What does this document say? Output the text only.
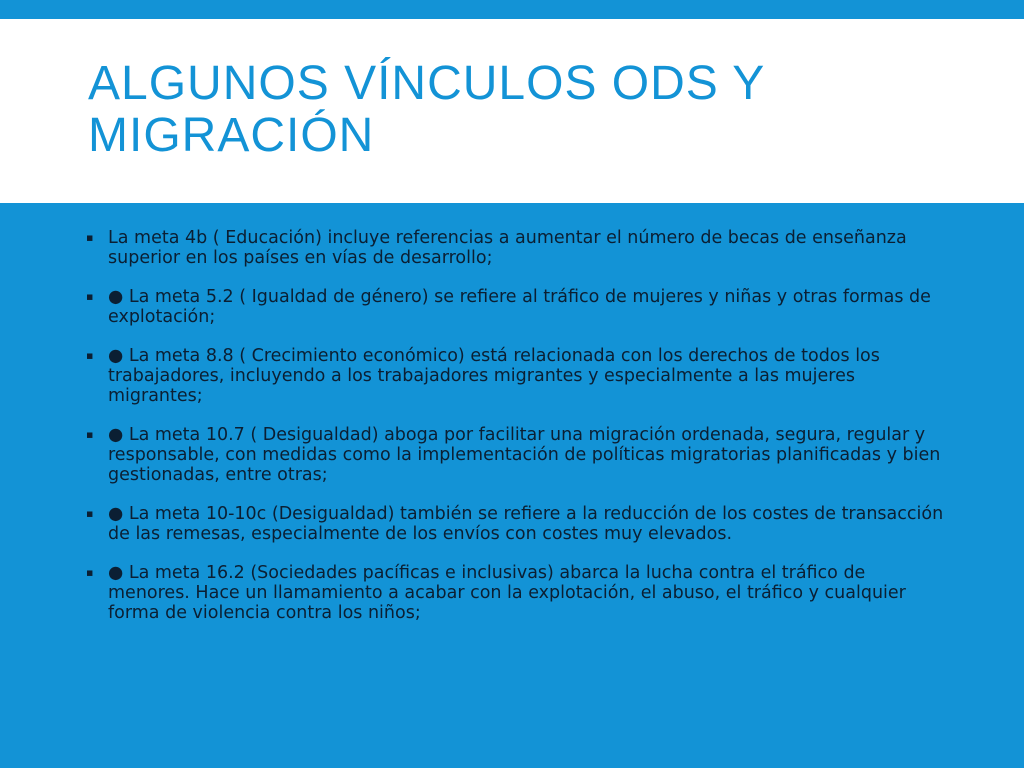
ALGUNOS VÍNCULOS ODS Y MIGRACIÓN
▪ La meta 4b ( Educación) incluye referencias a aumentar el número de becas de enseñanza superior en los países en vías de desarrollo;
▪ ● La meta 5.2 ( Igualdad de género) se refiere al tráfico de mujeres y niñas y otras formas de explotación;
▪ ● La meta 8.8 ( Crecimiento económico) está relacionada con los derechos de todos los trabajadores, incluyendo a los trabajadores migrantes y especialmente a las mujeres migrantes;
▪ ● La meta 10.7 ( Desigualdad) aboga por facilitar una migración ordenada, segura, regular y responsable, con medidas como la implementación de políticas migratorias planificadas y bien gestionadas, entre otras;
▪ ● La meta 10-10c (Desigualdad) también se refiere a la reducción de los costes de transacción de las remesas, especialmente de los envíos con costes muy elevados.
▪ ● La meta 16.2 (Sociedades pacíficas e inclusivas) abarca la lucha contra el tráfico de menores. Hace un llamamiento a acabar con la explotación, el abuso, el tráfico y cualquier forma de violencia contra los niños;
